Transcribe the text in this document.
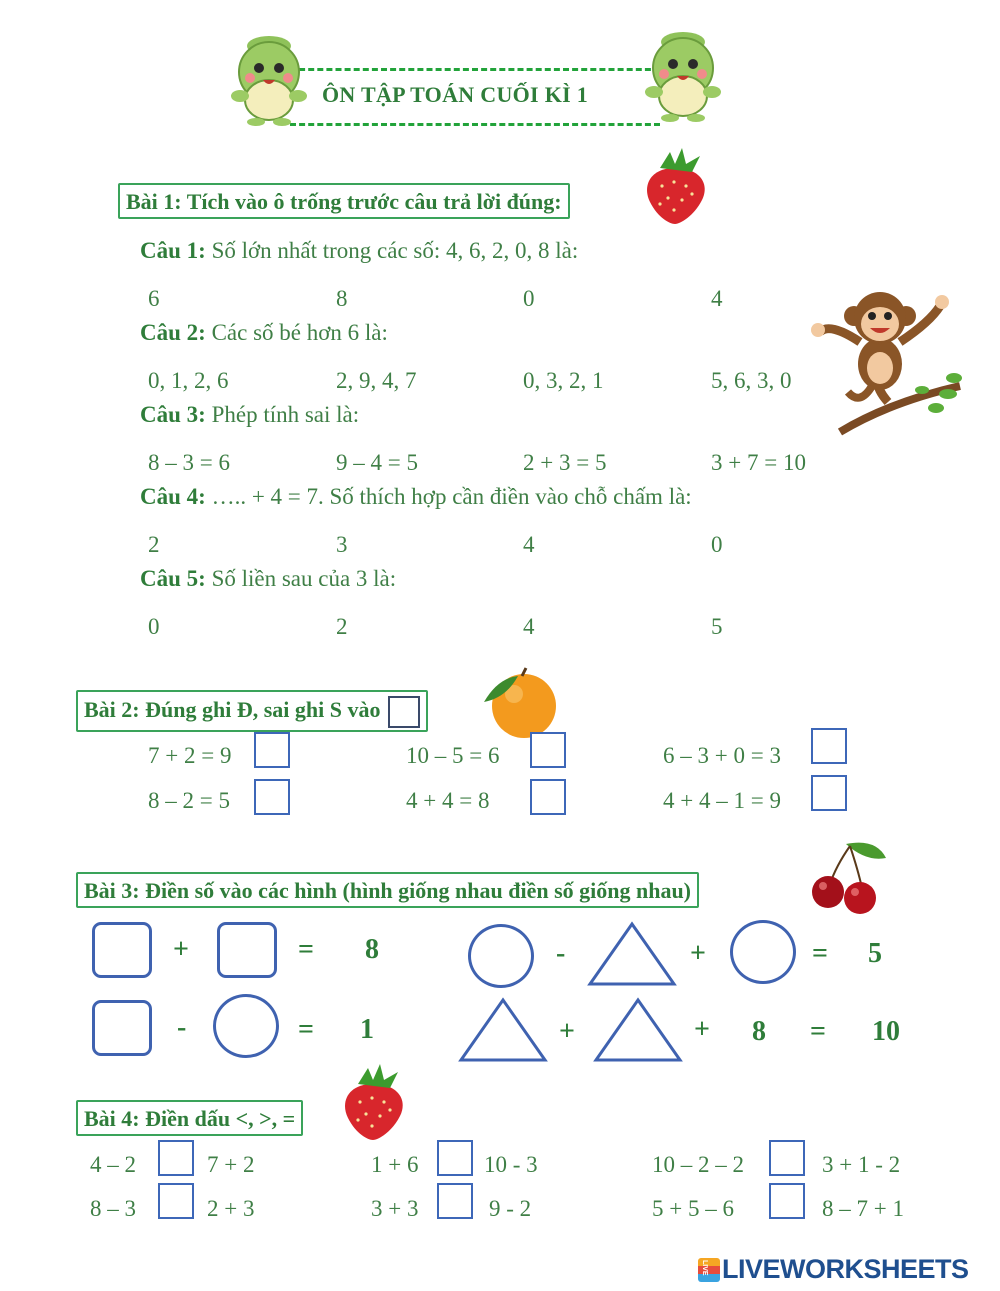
ÔN TẬP TOÁN CUỐI KÌ 1
Bài 1: Tích vào ô trống trước câu trả lời đúng:
Câu 1: Số lớn nhất trong các số: 4, 6, 2, 0, 8 là:
6	8	0	4
Câu 2: Các số bé hơn 6 là:
0, 1, 2, 6	2, 9, 4, 7	0, 3, 2, 1	5, 6, 3, 0
Câu 3: Phép tính sai là:
8 – 3 = 6	9 – 4 = 5	2 + 3 = 5	3 + 7 = 10
Câu 4: ….. + 4 = 7. Số thích hợp cần điền vào chỗ chấm là:
2	3	4	0
Câu 5: Số liền sau của 3 là:
0	2	4	5
Bài 2: Đúng ghi Đ, sai ghi S vào
7 + 2 = 9	10 – 5 = 6	6 – 3 + 0 = 3
8 – 2 = 5	4 + 4 = 8	4 + 4 – 1 = 9
Bài 3: Điền số vào các hình (hình giống nhau điền số giống nhau)
+	= 8	-	+	= 5
-	= 1	+	+ 8 = 10
Bài 4: Điền dấu <, >, =
4 – 2	7 + 2	1 + 6	10 - 3	10 – 2 – 2	3 + 1 - 2
8 – 3	2 + 3	3 + 3	9 - 2	5 + 5 – 6	8 – 7 + 1
LIVE LIVEWORKSHEETS
